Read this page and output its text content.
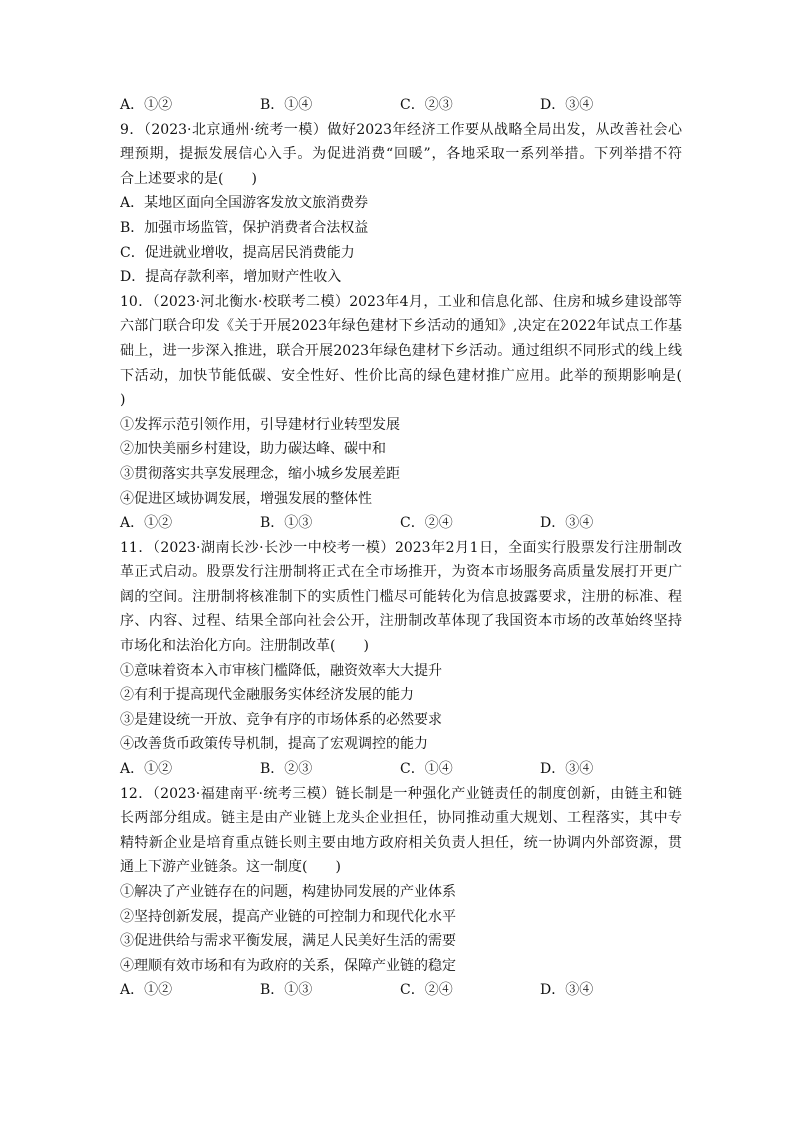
A．①②	B．①④	C．②③	D．③④
9．（2023·北京通州·统考一模）做好2023年经济工作要从战略全局出发，从改善社会心
理预期，提振发展信心入手。为促进消费“回暖”，各地采取一系列举措。下列举措不符
合上述要求的是(　　)
A．某地区面向全国游客发放文旅消费券
B．加强市场监管，保护消费者合法权益
C．促进就业增收，提高居民消费能力
D．提高存款利率，增加财产性收入
10．（2023·河北衡水·校联考二模）2023年4月，工业和信息化部、住房和城乡建设部等
六部门联合印发《关于开展2023年绿色建材下乡活动的通知》,决定在2022年试点工作基
础上，进一步深入推进，联合开展2023年绿色建材下乡活动。通过组织不同形式的线上线
下活动，加快节能低碳、安全性好、性价比高的绿色建材推广应用。此举的预期影响是(
)
①发挥示范引领作用，引导建材行业转型发展
②加快美丽乡村建设，助力碳达峰、碳中和
③贯彻落实共享发展理念，缩小城乡发展差距
④促进区域协调发展，增强发展的整体性
A．①②	B．①③	C．②④	D．③④
11．（2023·湖南长沙·长沙一中校考一模）2023年2月1日，全面实行股票发行注册制改
革正式启动。股票发行注册制将正式在全市场推开，为资本市场服务高质量发展打开更广
阔的空间。注册制将核准制下的实质性门槛尽可能转化为信息披露要求，注册的标准、程
序、内容、过程、结果全部向社会公开，注册制改革体现了我国资本市场的改革始终坚持
市场化和法治化方向。注册制改革(　　)
①意味着资本入市审核门槛降低，融资效率大大提升
②有利于提高现代金融服务实体经济发展的能力
③是建设统一开放、竞争有序的市场体系的必然要求
④改善货币政策传导机制，提高了宏观调控的能力
A．①②	B．②③	C．①④	D．③④
12．（2023·福建南平·统考三模）链长制是一种强化产业链责任的制度创新，由链主和链
长两部分组成。链主是由产业链上龙头企业担任，协同推动重大规划、工程落实，其中专
精特新企业是培育重点链长则主要由地方政府相关负责人担任，统一协调内外部资源，贯
通上下游产业链条。这一制度(　　)
①解决了产业链存在的问题，构建协同发展的产业体系
②坚持创新发展，提高产业链的可控制力和现代化水平
③促进供给与需求平衡发展，满足人民美好生活的需要
④理顺有效市场和有为政府的关系，保障产业链的稳定
A．①②	B．①③	C．②④	D．③④
